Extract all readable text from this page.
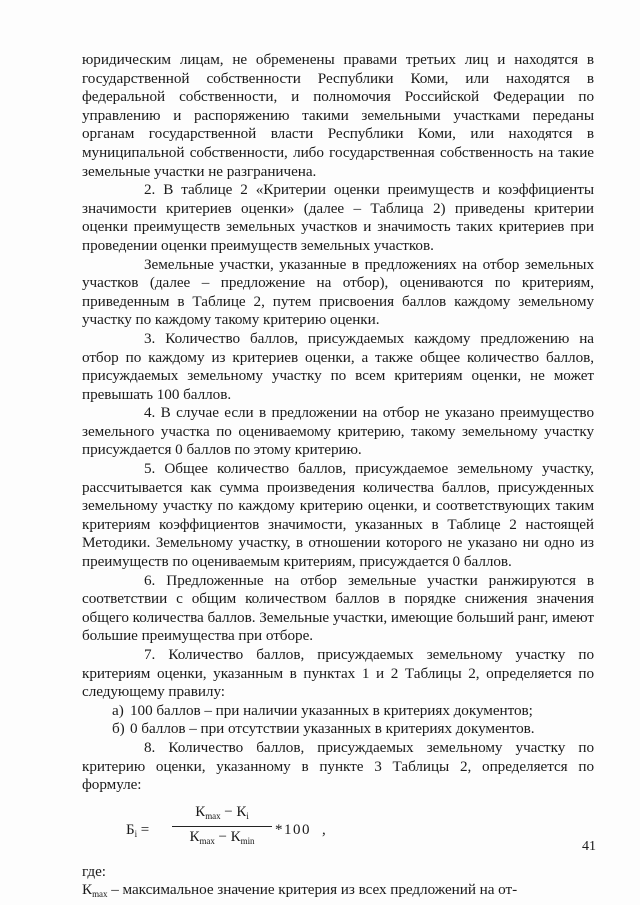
юридическим лицам, не обременены правами третьих лиц и находятся в государственной собственности Республики Коми, или находятся в федеральной собственности, и полномочия Российской Федерации по управлению и распоряжению такими земельными участками переданы органам государственной власти Республики Коми, или находятся в муниципальной собственности, либо государственная собственность на такие земельные участки не разграничена.

2. В таблице 2 «Критерии оценки преимуществ и коэффициенты значимости критериев оценки» (далее – Таблица 2) приведены критерии оценки преимуществ земельных участков и значимость таких критериев при проведении оценки преимуществ земельных участков.

Земельные участки, указанные в предложениях на отбор земельных участков (далее – предложение на отбор), оцениваются по критериям, приведенным в Таблице 2, путем присвоения баллов каждому земельному участку по каждому такому критерию оценки.

3. Количество баллов, присуждаемых каждому предложению на отбор по каждому из критериев оценки, а также общее количество баллов, присуждаемых земельному участку по всем критериям оценки, не может превышать 100 баллов.

4. В случае если в предложении на отбор не указано преимущество земельного участка по оцениваемому критерию, такому земельному участку присуждается 0 баллов по этому критерию.

5. Общее количество баллов, присуждаемое земельному участку, рассчитывается как сумма произведения количества баллов, присужденных земельному участку по каждому критерию оценки, и соответствующих таким критериям коэффициентов значимости, указанных в Таблице 2 настоящей Методики. Земельному участку, в отношении которого не указано ни одно из преимуществ по оцениваемым критериям, присуждается 0 баллов.

6. Предложенные на отбор земельные участки ранжируются в соответствии с общим количеством баллов в порядке снижения значения общего количества баллов. Земельные участки, имеющие больший ранг, имеют большие преимущества при отборе.

7. Количество баллов, присуждаемых земельному участку по критериям оценки, указанным в пунктах 1 и 2 Таблицы 2, определяется по следующему правилу:

а) 100 баллов – при наличии указанных в критериях документов;
б) 0 баллов – при отсутствии указанных в критериях документов.

8. Количество баллов, присуждаемых земельному участку по критерию оценки, указанному в пункте 3 Таблицы 2, определяется по формуле:

$Б_i$ =
$К_{max} - К_i$
$К_{max} - К_{min}$
*100 ,

где:

$К_{max}$ – максимальное значение критерия из всех предложений на от-

41
